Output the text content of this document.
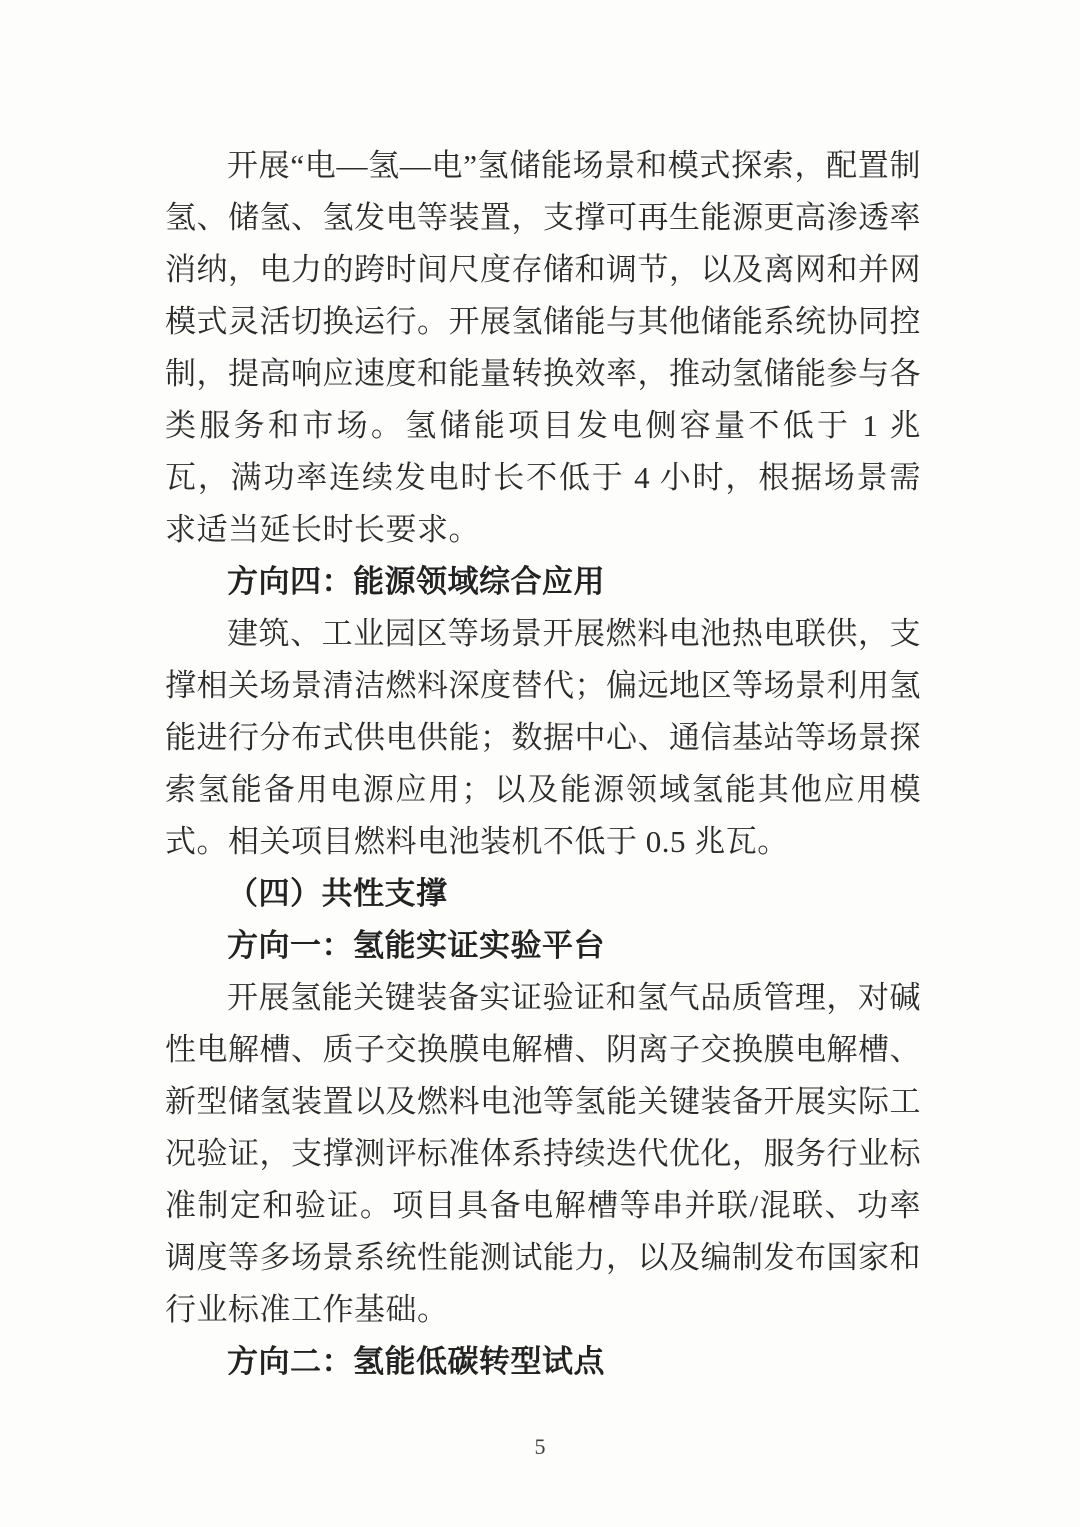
开展“电—氢—电”氢储能场景和模式探索，配置制氢、储氢、氢发电等装置，支撑可再生能源更高渗透率消纳，电力的跨时间尺度存储和调节，以及离网和并网模式灵活切换运行。开展氢储能与其他储能系统协同控制，提高响应速度和能量转换效率，推动氢储能参与各类服务和市场。氢储能项目发电侧容量不低于 1 兆瓦，满功率连续发电时长不低于 4 小时，根据场景需求适当延长时长要求。

方向四：能源领域综合应用

建筑、工业园区等场景开展燃料电池热电联供，支撑相关场景清洁燃料深度替代；偏远地区等场景利用氢能进行分布式供电供能；数据中心、通信基站等场景探索氢能备用电源应用；以及能源领域氢能其他应用模式。相关项目燃料电池装机不低于 0.5 兆瓦。

（四）共性支撑

方向一：氢能实证实验平台

开展氢能关键装备实证验证和氢气品质管理，对碱性电解槽、质子交换膜电解槽、阴离子交换膜电解槽、新型储氢装置以及燃料电池等氢能关键装备开展实际工况验证，支撑测评标准体系持续迭代优化，服务行业标准制定和验证。项目具备电解槽等串并联/混联、功率调度等多场景系统性能测试能力，以及编制发布国家和行业标准工作基础。

方向二：氢能低碳转型试点

5
